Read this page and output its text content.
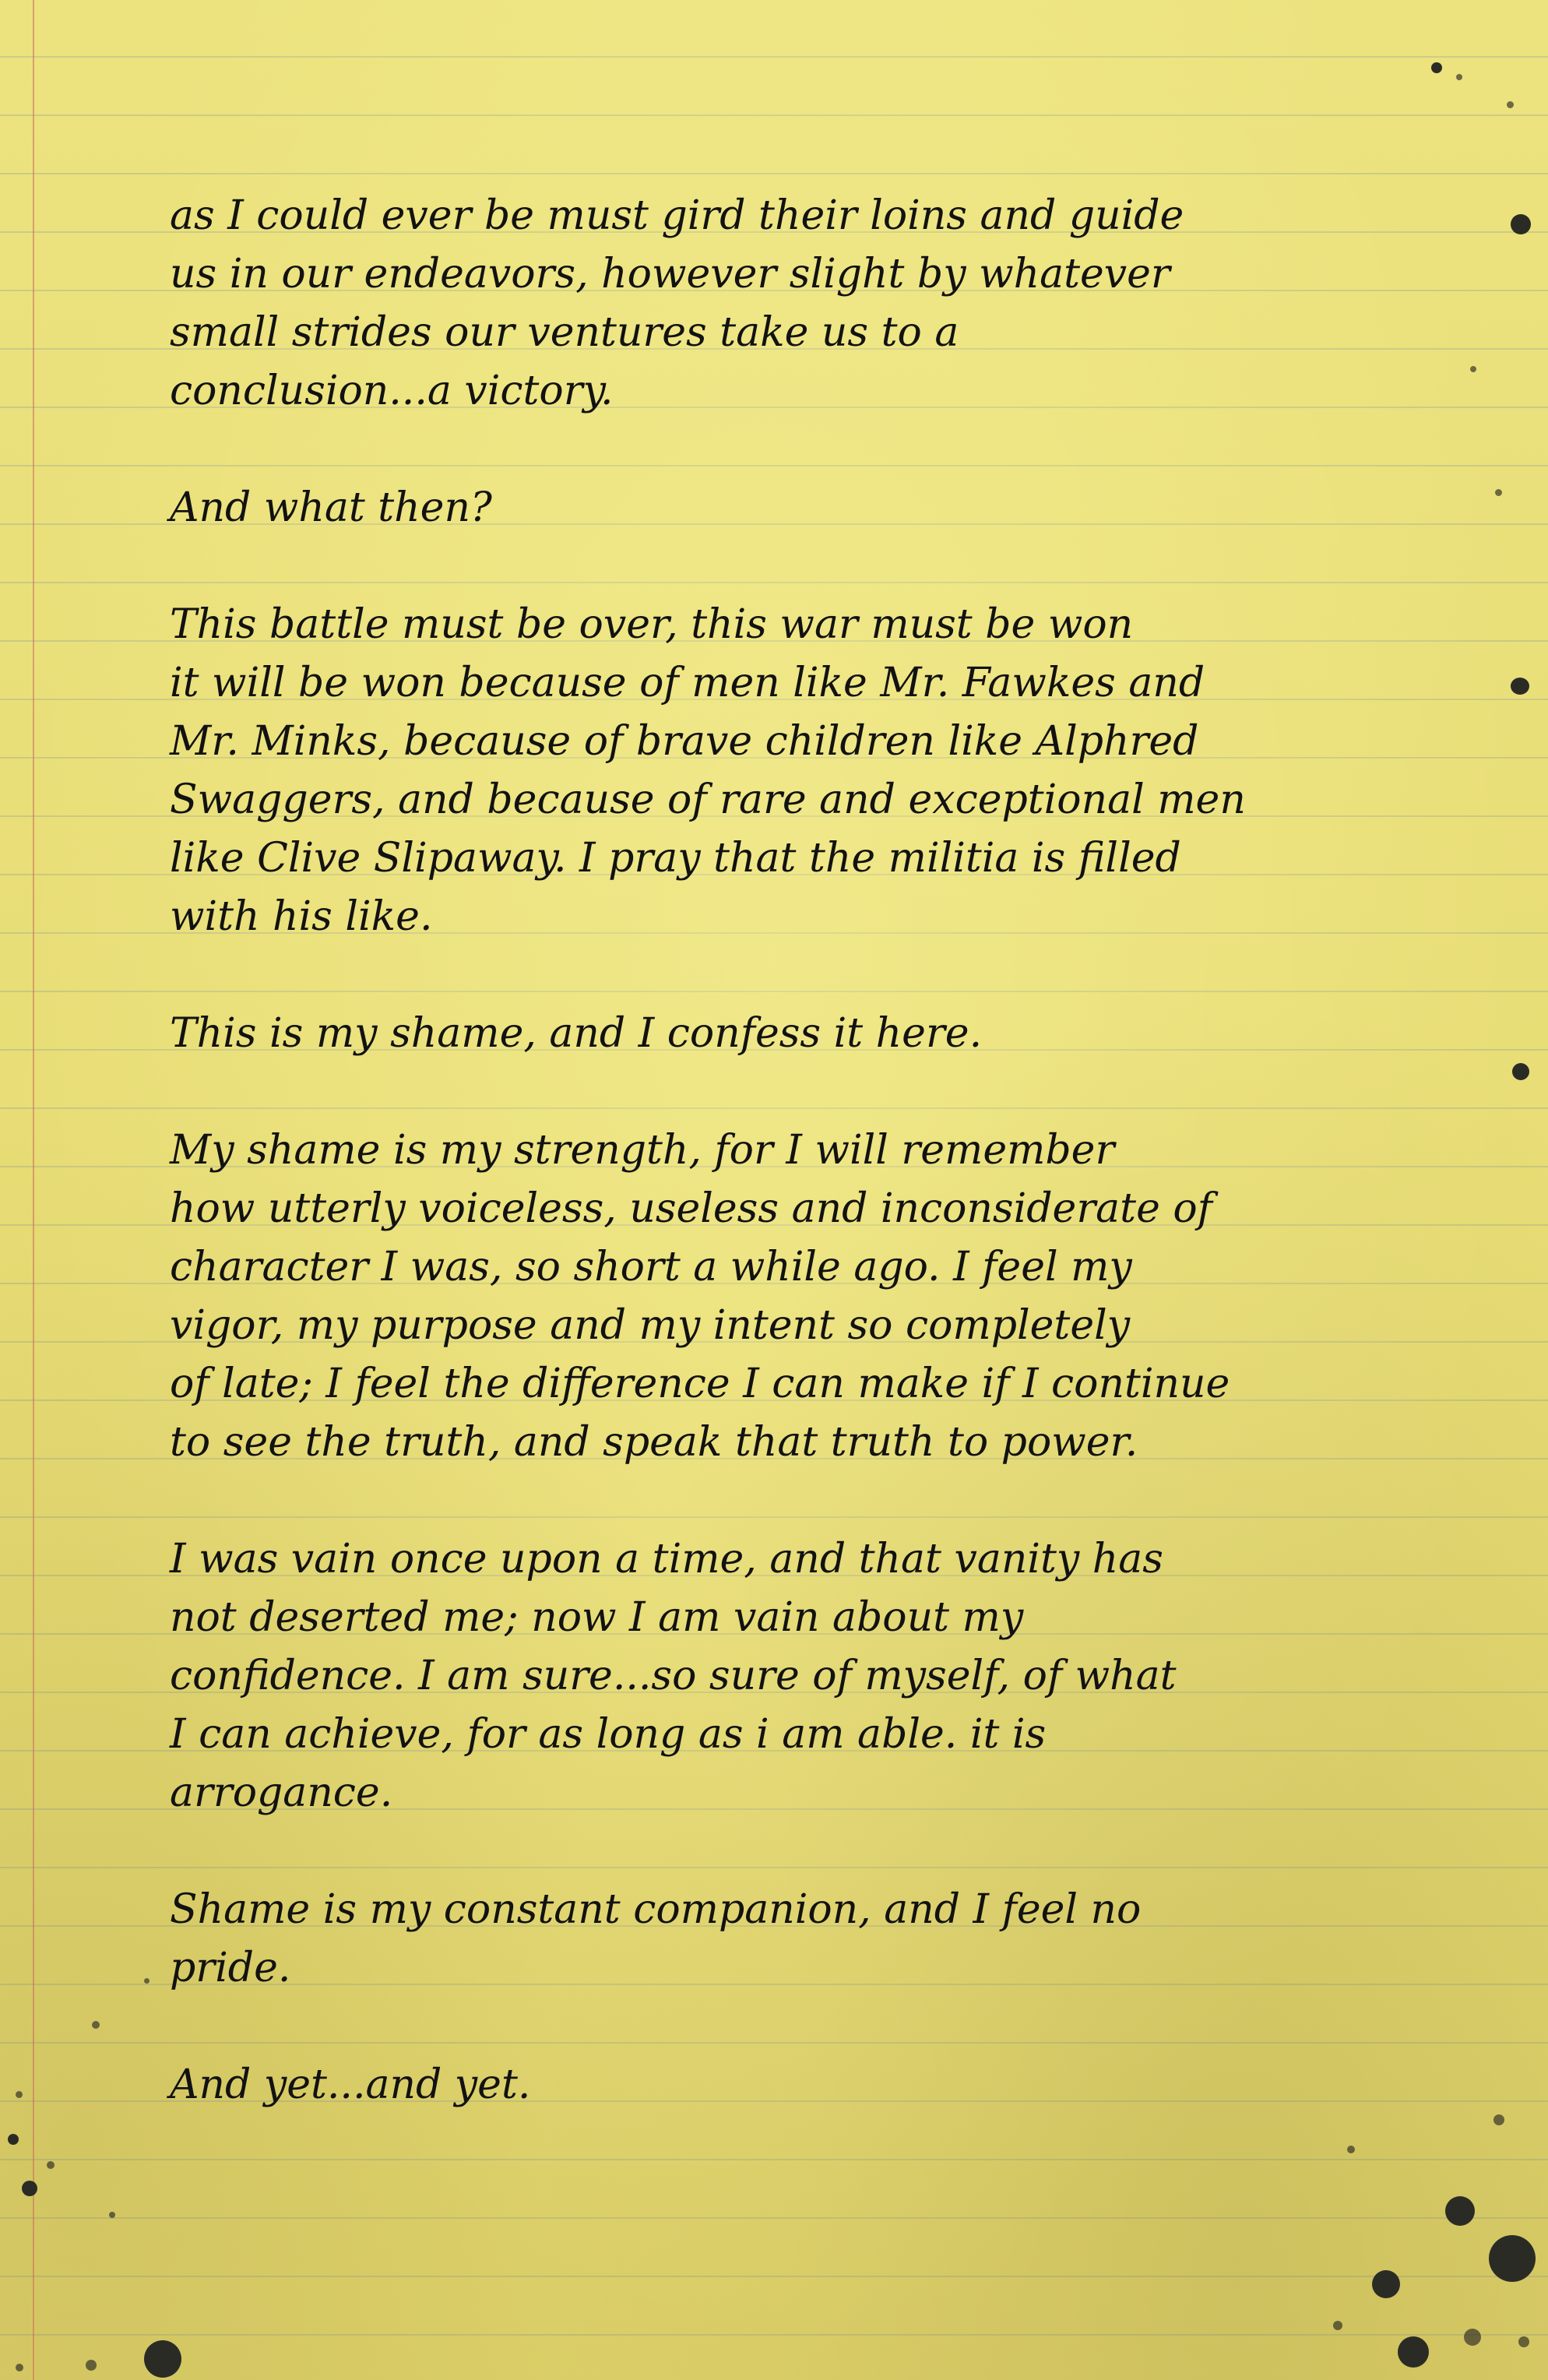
as I could ever be must gird their loins and guide
us in our endeavors, however slight by whatever
small strides our ventures take us to a
conclusion...a victory.
And what then?
This battle must be over, this war must be won
it will be won because of men like Mr. Fawkes and
Mr. Minks, because of brave children like Alphred
Swaggers, and because of rare and exceptional men
like Clive Slipaway. I pray that the militia is filled
with his like.
This is my shame, and I confess it here.
My shame is my strength, for I will remember
how utterly voiceless, useless and inconsiderate of
character I was, so short a while ago. I feel my
vigor, my purpose and my intent so completely
of late; I feel the difference I can make if I continue
to see the truth, and speak that truth to power.
I was vain once upon a time, and that vanity has
not deserted me; now I am vain about my
confidence. I am sure...so sure of myself, of what
I can achieve, for as long as i am able. it is
arrogance.
Shame is my constant companion, and I feel no
pride.
And yet...and yet.
